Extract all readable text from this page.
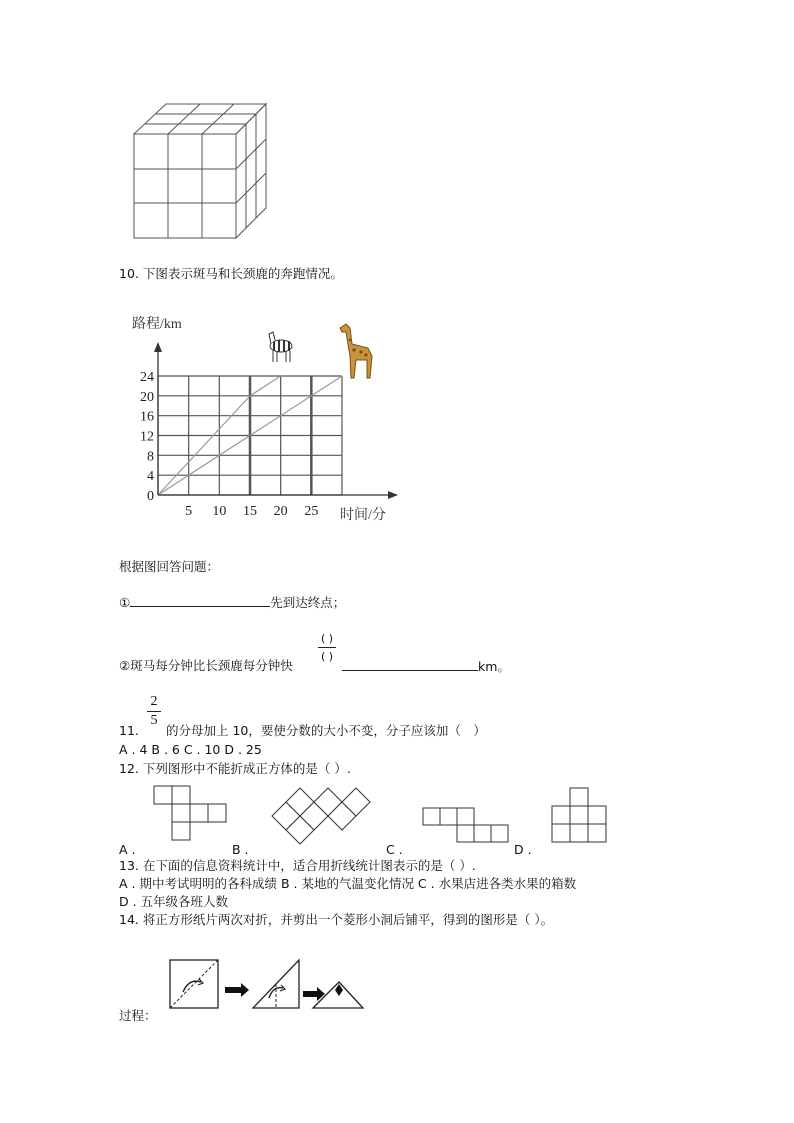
10. 下图表示斑马和长颈鹿的奔跑情况。
路程/km
时间/分
5 10 15 20 25
0
4
8
12
16
20
24
根据图回答问题：
①	先到达终点；
②斑马每分钟比长颈鹿每分钟快
( )
( )
km。
2
5
11. 的分母加上 10，要使分数的大小不变，分子应该加（　）
A . 4 B . 6 C . 10 D . 25
12. 下列图形中不能折成正方体的是（ ）.
A .	B .	C .	D .
13. 在下面的信息资料统计中，适合用折线统计图表示的是（ ）.
A . 期中考试明明的各科成绩 B . 某地的气温变化情况 C . 水果店进各类水果的箱数
D . 五年级各班人数
14. 将正方形纸片两次对折，并剪出一个菱形小洞后铺平，得到的图形是（ ）。
过程：
